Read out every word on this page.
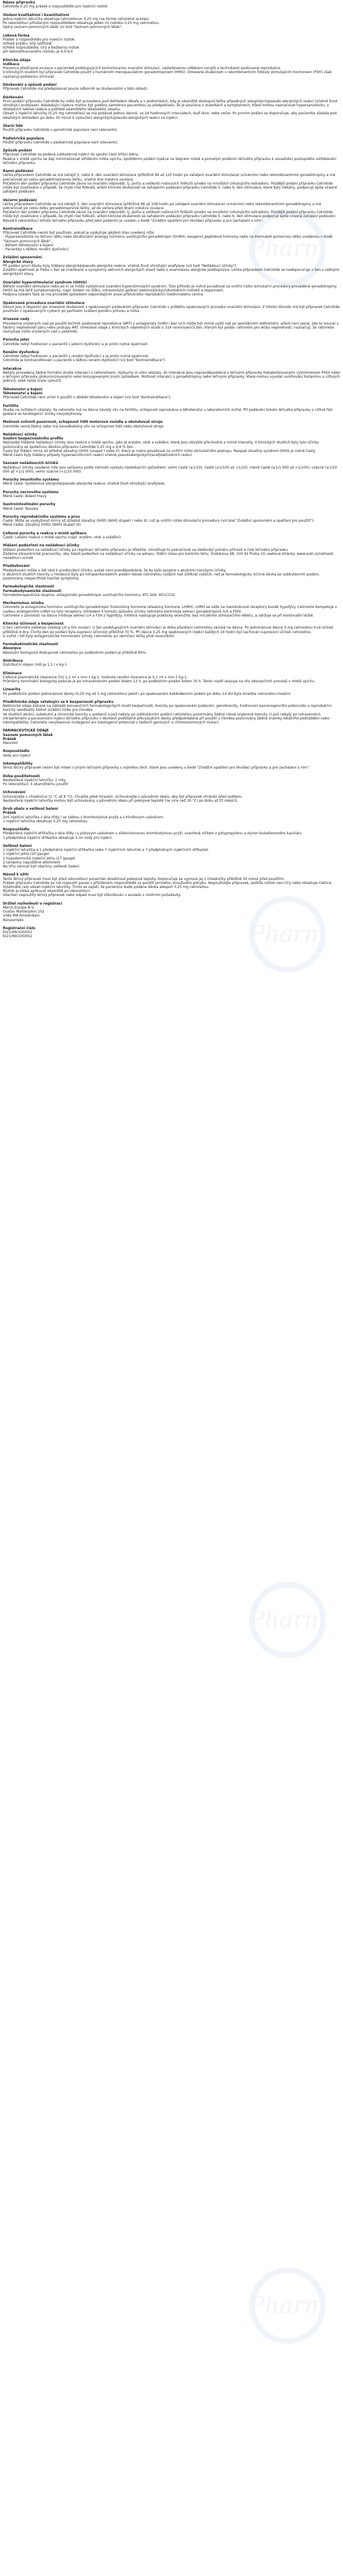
Název přípravku
Cetrotide 0,25 mg prášek a rozpouštědlo pro injekční roztok
Složení kvalitativní i kvantitativní
Jedna injekční lahvička obsahuje cetrorelixum 0,25 mg (ve formě cetrorelixi acetas).
Po rekonstituci přiloženým rozpouštědlem obsahuje jeden ml roztoku 0,25 mg cetrorelixu.
Úplný seznam pomocných látek viz bod "Seznam pomocných látek".
Léková forma
Prášek a rozpouštědlo pro injekční roztok.
Vzhled prášku: bílý lyofilizát
Vzhled rozpouštědla: čirý a bezbarvý roztok
pH rekonstituovaného roztoku je 4,0-6,0
Klinické údaje
Indikace
Prevence předčasné ovulace u pacientek podstupujících kontrolovanou ovariální stimulaci, následovanou odběrem oocytů a technikami asistované reprodukce.
V klinických studiích byl přípravek Cetrotide použit s humánním menopauzálním gonadotropinem (HMG). Omezené zkušenosti s rekombinantním folikuly stimulujícím hormonem (FSH) však naznačují podobnou účinnost.
Dávkování a způsob podání
Přípravek Cetrotide má předepisovat pouze odborník se zkušenostmi v této oblasti.
Dávkování
První podání přípravku Cetrotide by mělo být provedeno pod dohledem lékaře a v podmínkách, kdy je okamžitě dostupná léčba případných alergických/pseudo-alergických reakcí (včetně život ohrožující anafylaxe). Následující injekce mohou být podány samotnou pacientkou za předpokladu, že je poučena o známkách a symptomech, které mohou naznačovat hypersenzitivitu, o důsledcích takové reakce a potřebě okamžitého lékařského zásahu.
Obsah 1 injekční lahvičky (0,25 mg cetrorelixu) se má podávat jednou denně, ve 24 hodinových intervalech, buď ráno, nebo večer. Po prvním podání se doporučuje, aby pacientka zůstala pod lékařským dohledem po dobu 30 minut k vyloučení alergických/pseudo-alergických reakcí na injekci.
Starší lidé
Použití přípravku Cetrotide u geriatrické populace není relevantní.
Pediatrická populace
Použití přípravku Cetrotide u pediatrické populace není relevantní.
Způsob podání
Přípravek Cetrotide se podává subkutánně injekcí do spodní části břišní stěny.
Reakce v místě vpichu se dají minimalizovat střídáním místa vpichu, zpožděním podání injekce na stejném místě a pomalým podáním léčivého přípravku k usnadnění postupného vstřebávání léčivého přípravku.
Ranní podávání
Léčba přípravkem Cetrotide se má zahájit 5. nebo 6. den ovariální stimulace (přibližně 96 až 120 hodin po zahájení ovariální stimulace) urinárními nebo rekombinantními gonadotropiny a má pokračovat po celou gonadotropinovou léčbu, včetně dne indukce ovulace.
Počáteční den podání přípravku Cetrotide závisí na ovariální odpovědi, tj. počtu a velikosti rostoucích folikulů a/nebo na množství cirkulujícího estradiolu. Pozdější podání přípravku Cetrotide může být zvažováno v případě, že chybí růst folikulů, ačkoli klinické zkušenosti se zahájením podávání přípravku Cetrotide 5. nebo 6. den stimulace, které byly získány, podporují spíše včasné zahájení podávání.
Večerní podávání
Léčba přípravkem Cetrotide se má zahájit 5. den ovariální stimulace (přibližně 96 až 108 hodin po zahájení ovariální stimulace) urinárními nebo rekombinantními gonadotropiny a má pokračovat po celou dobu gonadotropinové léčby, až do večera před dnem indukce ovulace.
Počáteční den podání přípravku Cetrotide závisí na ovariální odpovědi, tj. počtu a velikosti rostoucích folikulů a/nebo na množství cirkulujícího estradiolu. Pozdější podání přípravku Cetrotide může být zvažováno v případě, že chybí růst folikulů, ačkoli klinické zkušenosti se zahájením podávání přípravku Cetrotide 5. nebo 6. den stimulace podporují spíše včasné zahájení podávání.
Návod k rekonstituci tohoto léčivého přípravku před jeho podáním je uveden v bodě "Zvláštní opatření pro likvidaci přípravku a pro zacházení s ním".
Kontraindikace
Přípravek Cetrotide nesmí být používán, pokud je vyskytuje jakýkoli stav uvedený níže:
- Hypersenzitivita na léčivou látku nebo strukturální analogy hormonu uvolňujícího gonadotropin (GnRH), exogenní peptidové hormony nebo na kteroukoli pomocnou látku uvedenou v bodě "Seznam pomocných látek".
- Během těhotenství a kojení.
- Pacientky s těžkou renální dysfunkcí.
Zvláštní upozornění
Alergické stavy
Při podání první dávky byly hlášeny alergické/pseudo-alergické reakce, včetně život ohrožující anafylaxe (viz bod "Nežádoucí účinky").
Zvláštní opatrnost je třeba u žen se známkami a symptomy aktivních alergických stavů nebo s anamnézou alergické predispozice. Léčba přípravkem Cetrotide se nedoporučuje u žen s vážnými alergickými stavy.
Ovariální hyperstimulační syndrom (OHSS)
Během ovariální stimulace nebo po ní se může vyskytnout ovariální hyperstimulační syndrom. Tuto příhodu je nutné považovat za vnitřní riziko stimulační procedury prováděné gonadotropiny.
OHSS se má léčit symptomaticky, např. klidem na lůžku, intravenózní aplikací elektrolytických/koloidních roztoků a heparinem.
Podpora luteální fáze se má provádět způsobem odpovídajícím praxi příslušného reprodukční medicínského centra.
Opakovaná procedura ovariální stimulace
Dosud jsou k dispozici jen omezené zkušenosti s opakovaným podáváním přípravku Cetrotide v průběhu opakovaných procedur ovariální stimulace. Z tohoto důvodu má být přípravek Cetrotide používán v opakovaných cyklech po pečlivém zvážení poměru přínosu a rizika.
Vrozené vady
Prevalence vrozených vad po použití technik asistované reprodukce (ART) s antagonisty GnRH i bez nich může být mírně vyšší než po spontánním otěhotnění, ačkoli není jasné, zda to souvisí s faktory neplodnosti páru nebo postupy ART. Omezené údaje z klinických následných studií u 316 novorozenců žen, kterým byl podán cetrorelix pro léčbu neplodnosti, naznačují, že cetrorelix nezvyšuje riziko vrozených vad u potomků.
Porucha jater
Cetrotide nebyl hodnocen u pacientů s jaterní dysfunkcí a je proto nutná opatrnost.
Renální dysfunkce
Cetrotide nebyl hodnocen u pacientů s renální dysfunkcí a je proto nutná opatrnost.
Cetrotide je kontraindikován u pacientů s těžkou renální dysfunkcí (viz bod "Kontraindikace").
Interakce
Nebyly provedeny žádné formální studie interakcí s cetrorelixem. Výzkumy in vitro ukázaly, že interakce jsou nepravděpodobné s léčivými přípravky metabolizovanými cytochromem P450 nebo s léčivými přípravky glukuronizovanými nebo konjugovanými jiným způsobem. Možnost interakcí s gonadotropiny nebo léčivými přípravky, které mohou vyvolat uvolňování histaminu u citlivých jedinců, však nelze zcela vyloučit.
Těhotenství a kojení
Těhotenství a kojení
Přípravek Cetrotide není určen k použití v období těhotenství a kojení (viz bod "Kontraindikace").
Fertilita
Studie na zvířatech ukázaly, že cetrorelix má na dávce závislý vliv na fertilitu, schopnost reprodukce a těhotenství u laboratorních zvířat. Při podávání tohoto léčivého přípravku v citlivé fázi gestace se teratogenní účinky nevyskytovaly.
Možnost ovlivnit pozornost, schopnost řídit motorová vozidla a obsluhovat stroje
Cetrotide nemá žádný nebo má zanedbatelný vliv na schopnost řídit nebo obsluhovat stroje.
Nežádoucí účinky
Souhrn bezpečnostního profilu
Nejčastěji hlášené nežádoucí účinky jsou reakce v místě vpichu, jako je erytém, otok a svědění, které jsou obvykle přechodné a mírné intenzity. V klinických studiích byly tyto účinky pozorovány se společnou dávkou přípravku Cetrotide 0,25 mg u 9,4 % žen.
Často byl hlášen mírný až středně závažný OHSS (stupeň I nebo II), který je nutno považovat za vnitřní riziko stimulačního postupu. Naopak závažný syndrom OHSS je méně častý.
Méně často byly hlášeny případy hypersenzitivních reakcí včetně pseudoalergických/anafylaktoidních reakcí.
Seznam nežádoucích účinků
Nežádoucí účinky uvedené níže jsou seřazeny podle četnosti výskytu následujícím způsobem: velmi časté (≥1/10), časté (≥1/100 až <1/10), méně časté (≥1/1 000 až <1/100), vzácné (≥1/10 000 až <1/1 000), velmi vzácné (<1/10 000).
Poruchy imunitního systému
Méně časté: Systémové alergické/pseudo-alergické reakce, včetně život ohrožující anafylaxe.
Poruchy nervového systému
Méně časté: Bolest hlavy
Gastrointestinální poruchy
Méně časté: Nauzea
Poruchy reprodukčního systému a prsu
Časté: Může se vyskytnout mírný až středně závažný OHSS (WHO stupeň I nebo II), což je vnitřní riziko stimulační procedury (viz bod "Zvláštní upozornění a opatření pro použití").
Méně časté: Závažný OHSS (WHO stupeň III)
Celkové poruchy a reakce v místě aplikace
Časté: Lokální reakce v místě vpichu (např. erytém, otok a svědění)
Hlášení podezření na nežádoucí účinky
Hlášení podezření na nežádoucí účinky po registraci léčivého přípravku je důležité. Umožňuje to pokračovat ve sledování poměru přínosů a rizik léčivého přípravku.
Žádáme zdravotnické pracovníky, aby hlásili podezření na nežádoucí účinky na adresu: Státní ústav pro kontrolu léčiv, Šrobárova 48, 100 41 Praha 10, webové stránky: www.sukl.cz/nahlasit-nezadouci-ucinek
Předávkování
Předávkování může u lidí vést k prodloužení účinku, avšak není pravděpodobné, že by bylo spojeno s akutními toxickými účinky.
V akutních studiích toxicity u hlodavců byly po intraperitoneálním podání dávek cetrorelixu vyšších než 200krát vyšších, než je farmakologicky účinná dávka po subkutánním podání, pozorovány nespecifické toxické symptomy.
Farmakologické vlastnosti
Farmakodynamické vlastnosti
Farmakoterapeutická skupina: antagonisté gonadotropin uvolňujícího hormonu, ATC kód: H01CC02.
Mechanismus účinku
Cetrorelix je antagonista hormonu uvolňujícího gonadotropin (luteinizing hormone releasing hormone, LHRH). LHRH se váže na membránové receptory buněk hypofýzy. Cetrorelix kompetuje s vazbou endogenního LHRH na tyto receptory. Vzhledem k tomuto způsobu účinku cetrorelix kontroluje sekreci gonadotropinů (LH a FSH).
Cetrorelix v závislosti na dávce inhibuje sekreci LH a FSH z hypofýzy. Inhibice nastupuje prakticky okamžitě, bez iniciálního stimulačního efektu, a udržuje se při kontinuální léčbě.
Klinická účinnost a bezpečnost
U žen cetrorelix oddaluje vzestup LH a tím ovulaci. U žen podstupujících ovariální stimulaci je doba působení cetrorelixu závislá na dávce. Po jednorázové dávce 3 mg cetrorelixu trvá účinek přibližně 4 dny. Čtvrtý den po podání byla supresní účinnost přibližně 70 %. Při dávce 0,25 mg opakovaných injekcí každých 24 hodin byl zachován supresivní účinek cetrorelixu.
U zvířat i lidí byly antagonistické hormonální účinky cetrorelixu po ukončení léčby plně reverzibilní.
Farmakokinetické vlastnosti
Absorpce
Absolutní biologická dostupnost cetrorelixu po podkožním podání je přibližně 85%.
Distribuce
Distribuční objem (Vd) je 1,1 l x kg-1
Eliminace
Celková plazmatická clearance činí 1,2 ml x min-1 kg-1, hodnota renální clearance je 0,1 ml x min-1 kg-1.
Průměrný terminální biologický poločas je po intravenózním podání kolem 12 h, po podkožním podání kolem 30 h. Tento rozdíl ukazuje na vliv absorpčních procesů v místě vpichu.
Linearita
Po podkožním podání jednorázové dávky (0,25 mg až 3 mg cetrorelixu) jakož i po opakovaném každodenním podání po dobu 14 dní byla kinetika cetrorelixu lineární.
Předklinické údaje vztahující se k bezpečnosti přípravku
Neklinické údaje získané na základě konvenčních farmakologických studií bezpečnosti, toxicity po opakovaném podávání, genotoxicity, hodnocení kancerogenního potenciálu a reprodukční toxicity neodhalily žádné zvláštní riziko pro člověka.
Ve studiích akutní, subakutní a chronické toxicity u potkanů a psů nebyly po subkutánním podání cetrorelixu pozorovány žádné cílové orgánové toxicity. U psů nebyly po intravenózní, intraarteriální a paravenózní injekci léčivého přípravku v dávkách podstatně převyšujících dávky předpokládané při použití u člověka pozorovány žádné známky lokálního podráždění nebo inkompatibility. Cetrorelix nevykazoval mutagenní ani klastogenní potenciál v testech genových a chromozomových mutací.
FARMACEUTICKÉ ÚDAJE
Seznam pomocných látek
Prášek
Mannitol
Rozpouštědlo
Voda pro injekci
Inkompatibility
Tento léčivý přípravek nesmí být mísen s jinými léčivými přípravky s výjimkou těch, které jsou uvedeny v bodě "Zvláštní opatření pro likvidaci přípravku a pro zacházení s ním".
Doba použitelnosti
Neotevřené injekční lahvičky: 2 roky
Po rekonstituci: k okamžitému použití
Uchovávání
Uchovávejte v chladničce (2 °C až 8 °C). Chraňte před mrazem. Uchovávejte v původním obalu, aby byl přípravek chráněn před světlem.
Neotevřené injekční lahvičky mohou být uchovávány v původním obalu při pokojové teplotě (ne více než 30 °C) po dobu až tří měsíců.
Druh obalu a velikost balení
Prášek
2ml injekční lahvička z skla třídy I se zátkou z brombutylové pryže a s hliníkovým uzávěrem.
1 injekční lahvička obsahuje 0,25 mg cetrorelixu.
Rozpouštědlo
Předplněná injekční stříkačka z skla třídy I s pístovým uzávěrem s silikonizovanou brombutylovou pryží, uzavřená víčkem z polypropylenu a styren-butadienového kaučuku.
1 předplněná injekční stříkačka obsahuje 1 ml vody pro injekci.
Velikost balení
1 injekční lahvička a 1 předplněná injekční stříkačka nebo 7 injekčních lahviček a 7 předplněných injekčních stříkaček.
1 injekční jehla (20 gauge)
1 hypodermická injekční jehla (27 gauge)
2 tampony napuštěné alkoholem
Na trhu nemusí být všechny velikosti balení.
Návod k užití
Tento léčivý přípravek musí být před rekonstitucí ponechán dosáhnout pokojové teploty. Doporučuje se vyjmout jej z chladničky přibližně 30 minut před použitím.
Prášek přípravku Cetrotide se má rozpustit pouze v přiloženém rozpouštědle za použití jemného, krouživého pohybu. Nepoužívejte přípravek, jestliže roztok není čirý nebo obsahuje částice.
Vytáhněte celý obsah injekční lahvičky. Tímto se zajistí, že pacientce bude podána dávka alespoň 0,25 mg cetrorelixu.
Roztok je třeba aplikovat okamžitě po rekonstituci.
Všechen nepoužitý léčivý přípravek nebo odpad musí být zlikvidován v souladu s místními požadavky.
Držitel rozhodnutí o registraci
Merck Europe B.V.
Gustav Mahlerplein 102
1082 MA Amsterdam
Nizozemsko
Registrační číslo
EU/1/99/100/001
EU/1/99/100/002
Pharm
Pharm
Pharm
Pharm
